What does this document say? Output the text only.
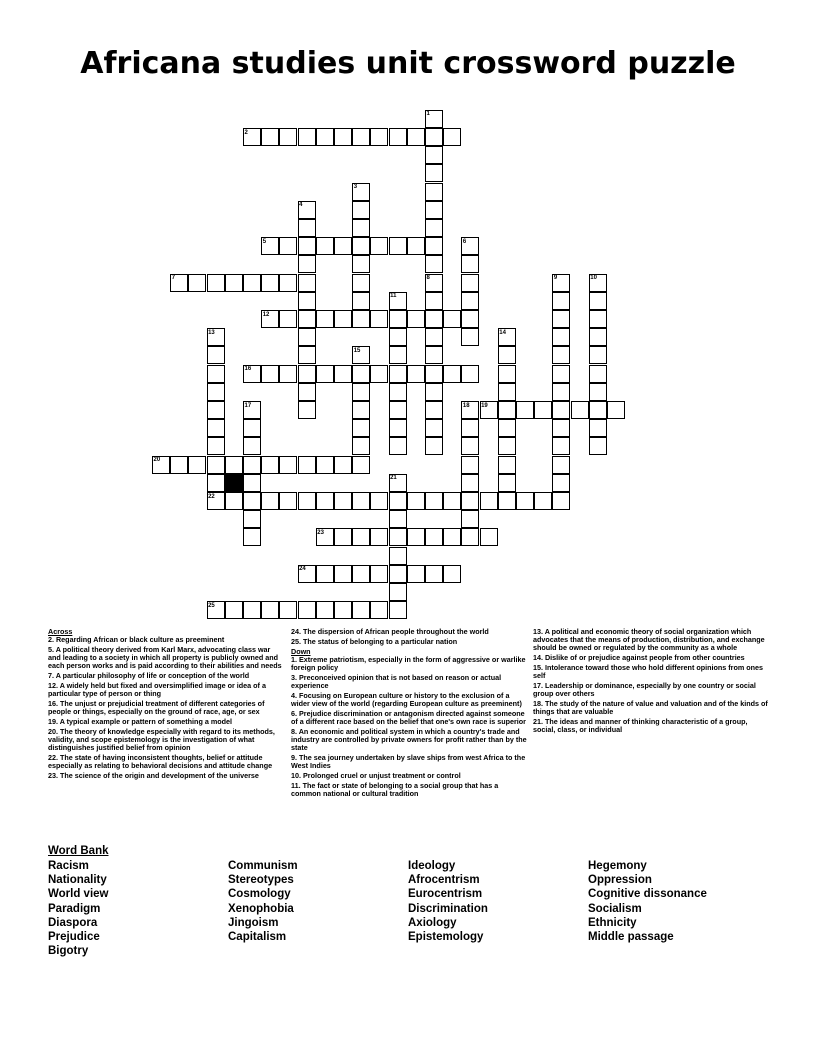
Africana studies unit crossword puzzle
2
5
7
12
16
19
20
22
23
24
25
1
3
4
6
8	9	10
11
13	14
15
17	18
21
Across
2. Regarding African or black culture as preeminent
5. A political theory derived from Karl Marx, advocating class war and leading to a society in which all property is publicly owned and each person works and is paid according to their abilities and needs
7. A particular philosophy of life or conception of the world
12. A widely held but fixed and oversimplified image or idea of a particular type of person or thing
16. The unjust or prejudicial treatment of different categories of people or things, especially on the ground of race, age, or sex
19. A typical example or pattern of something a model
20. The theory of knowledge especially with regard to its methods, validity, and scope epistemology is the investigation of what distinguishes justified belief from opinion
22. The state of having inconsistent thoughts, belief or attitude especially as relating to behavioral decisions and attitude change
23. The science of the origin and development of the universe
24. The dispersion of African people throughout the world
25. The status of belonging to a particular nation
Down
1. Extreme patriotism, especially in the form of aggressive or warlike foreign policy
3. Preconceived opinion that is not based on reason or actual experience
4. Focusing on European culture or history to the exclusion of a wider view of the world (regarding European culture as preeminent)
6. Prejudice discrimination or antagonism directed against someone of a different race based on the belief that one's own race is superior
8. An economic and political system in which a country's trade and industry are controlled by private owners for profit rather than by the state
9. The sea journey undertaken by slave ships from west Africa to the West Indies
10. Prolonged cruel or unjust treatment or control
11. The fact or state of belonging to a social group that has a common national or cultural tradition
13. A political and economic theory of social organization which advocates that the means of production, distribution, and exchange should be owned or regulated by the community as a whole
14. Dislike of or prejudice against people from other countries
15. Intolerance toward those who hold different opinions from ones self
17. Leadership or dominance, especially by one country or social group over others
18. The study of the nature of value and valuation and of the kinds of things that are valuable
21. The ideas and manner of thinking characteristic of a group, social, class, or individual
Word Bank
Racism
Nationality
World view
Paradigm
Diaspora
Prejudice
Bigotry
Communism
Stereotypes
Cosmology
Xenophobia
Jingoism
Capitalism
Ideology
Afrocentrism
Eurocentrism
Discrimination
Axiology
Epistemology
Hegemony
Oppression
Cognitive dissonance
Socialism
Ethnicity
Middle passage
